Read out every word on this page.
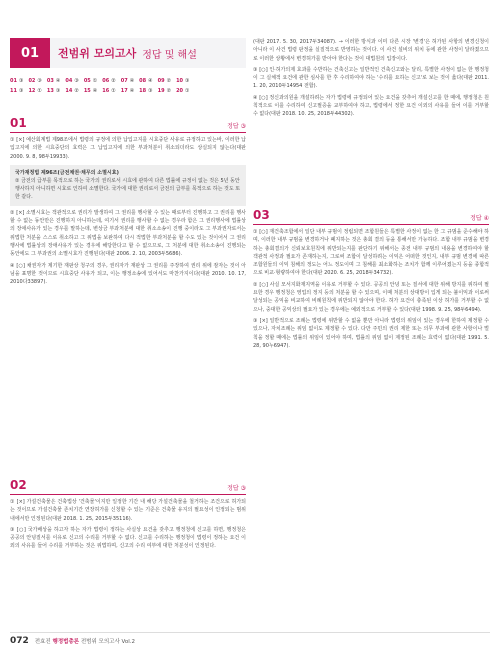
01	전범위 모의고사 정답 및 해설
01 ③ 02 ③ 03 ④ 04 ③ 05 ① 06 ② 07 ④ 08 ④ 09 ② 10 ③
11 ③ 12 ① 13 ③ 14 ② 15 ④ 16 ① 17 ④ 18 ③ 19 ② 20 ①
01	정답 ③

① [×] 예산회계법 제98조에서 법령의 규정에 의한 납입고지를 시효중단 사유로 규정하고 있는바, 이러한 납입고지에 의한 시효중단의 효력은 그 납입고지에 의한 부과처분이 취소되더라도 상실되지 않는다(대판 2000. 9. 8, 98두19933).

국가재정법 제96조(금전채권·채무의 소멸시효)
② 금전의 급부를 목적으로 하는 국가의 권리로서 시효에 관하여 다른 법률에 규정이 없는 것은 5년 동안 행사하지 아니하면 시효로 인하여 소멸한다. 국가에 대한 권리로서 금전의 급부를 목적으로 하는 것도 또한 같다.

② [×] 소멸시효는 객관적으로 권리가 발생하여 그 권리를 행사할 수 있는 때로부터 진행하고 그 권리를 행사할 수 없는 동안만은 진행하지 아니하는데, 여기서 권리를 행사할 수 없는 경우라 함은 그 권리행사에 법률상의 장애사유가 있는 경우를 말하는데, 변상금 부과처분에 대한 취소소송이 진행 중이라도 그 부과권자로서는 위법한 처분을 스스로 취소하고 그 위법을 보완하여 다시 적법한 부과처분을 할 수도 있는 것이어서 그 권리행사에 법률상의 장애사유가 있는 경우에 해당한다고 할 수 없으므로, 그 처분에 대한 취소소송이 진행되는 동안에도 그 부과권의 소멸시효가 진행된다(대판 2006. 2. 10, 2003두5686).

④ [○] 채권자가 제기한 재판상 청구의 경우, 권리자가 재판상 그 권리를 주장하여 권리 위에 잠자는 것이 아님을 표명한 것이므로 시효중단 사유가 되고, 이는 행정소송에 있어서도 마찬가지이다(대판 2010. 10. 17, 2010다33897).

02	정답 ③

① [×] 가설건축물은 건축법상 '건축물'이지만 일정한 기간 내 해당 가설건축물을 철거하는 조건으로 허가되는 것이므로 가설건축물 존치기간 연장허가를 신청할 수 있는 기준은 건축물 유지의 필요성이 인정되는 범위 내에서만 인정된다(대판 2018. 1. 25, 2015두35116).

③ [○] 국가배상을 하고자 하는 자가 법령이 정하는 사실상 요건을 갖추고 행정청에 신고를 하면, 행정청은 공공의 안녕질서를 이유로 신고의 수리를 거부할 수 없다. 신고를 수리하는 행정청이 법령이 정하는 요건 이외의 사유를 들어 수리를 거부하는 것은 위법하며, 신고의 수리 여부에 대한 처분성이 인정된다.

(대판 2017. 5. 30, 2017두34087). → 이러한 방식과 이미 다른 시장 '변경'은 허가된 사항의 변경신청이 아니라 이 사건 법령 판정을 실질적으로 반영하는 것이다. 이 사건 설비의 위치 등에 관한 사정이 달라졌으므로 이러한 상황에서 변경허가를 받아야 한다는 것이 대법원의 입장이다.

③ [○] 인·허가의제 효과를 수반하는 건축신고는 일반적인 건축신고와는 달리, 특별한 사정이 없는 한 행정청이 그 실체적 요건에 관한 심사를 한 후 수리하여야 하는 '수리를 요하는 신고'로 보는 것이 옳다(대판 2011. 1. 20, 2010두14954 전합).

④ [○] 정신과의원을 개설하려는 자가 법령에 규정되어 있는 요건을 갖추어 개설신고를 한 때에, 행정청은 원칙적으로 이를 수리하여 신고필증을 교부하여야 하고, 법령에서 정한 요건 이외의 사유를 들어 이를 거부할 수 없다(대판 2018. 10. 25, 2018두44302).

03	정답 ④

① [○] 재건축조합에서 일단 내부 규범이 정립되면 조합원들은 특별한 사정이 없는 한 그 규범을 준수해야 하며, 이러한 내부 규범을 변경하거나 폐지하는 것은 총회 결의 등을 통해서만 가능하다. 조합 내부 규범을 변경하는 총회결의가 신뢰보호원칙에 위반되는지를 판단하기 위해서는 종전 내부 규범의 내용을 변경하여야 할 객관적 사정과 필요가 존재하는지, 그로써 조합이 달성하려는 이익은 어떠한 것인지, 내부 규범 변경에 따른 조합원들의 이익 침해의 정도는 어느 정도이며 그 침해를 최소화하는 조치가 함께 이루어졌는지 등을 종합적으로 비교·형량하여야 한다(대판 2020. 6. 25, 2018두34732).

② [○] 사실 모서지화재지역을 이유로 거부할 수 있다. 공공의 안녕 또는 질서에 대한 위해 방지를 위하여 필요한 경우 행정청은 영업의 정지 등의 처분을 할 수 있으며, 이때 처분의 상대방이 입게 되는 불이익과 이로써 달성되는 공익을 비교하여 비례원칙에 위반되지 않아야 한다. 허가 요건이 충족된 이상 허가를 거부할 수 없으나, 중대한 공익상의 필요가 있는 경우에는 예외적으로 거부할 수 있다(대판 1998. 9. 25, 98두6494).

③ [×] 일반적으로 조례는 법령에 위반할 수 없을 뿐만 아니라 법령의 위임이 있는 경우에 한하여 제정할 수 있으나, 자치조례는 위임 없이도 제정할 수 있다. 다만 주민의 권리 제한 또는 의무 부과에 관한 사항이나 벌칙을 정할 때에는 법률의 위임이 있어야 하며, 법률의 위임 없이 제정된 조례는 효력이 없다(대판 1991. 5. 28, 90누6947).

072 전효진 행정법총론 전범위 모의고사 Vol.2
